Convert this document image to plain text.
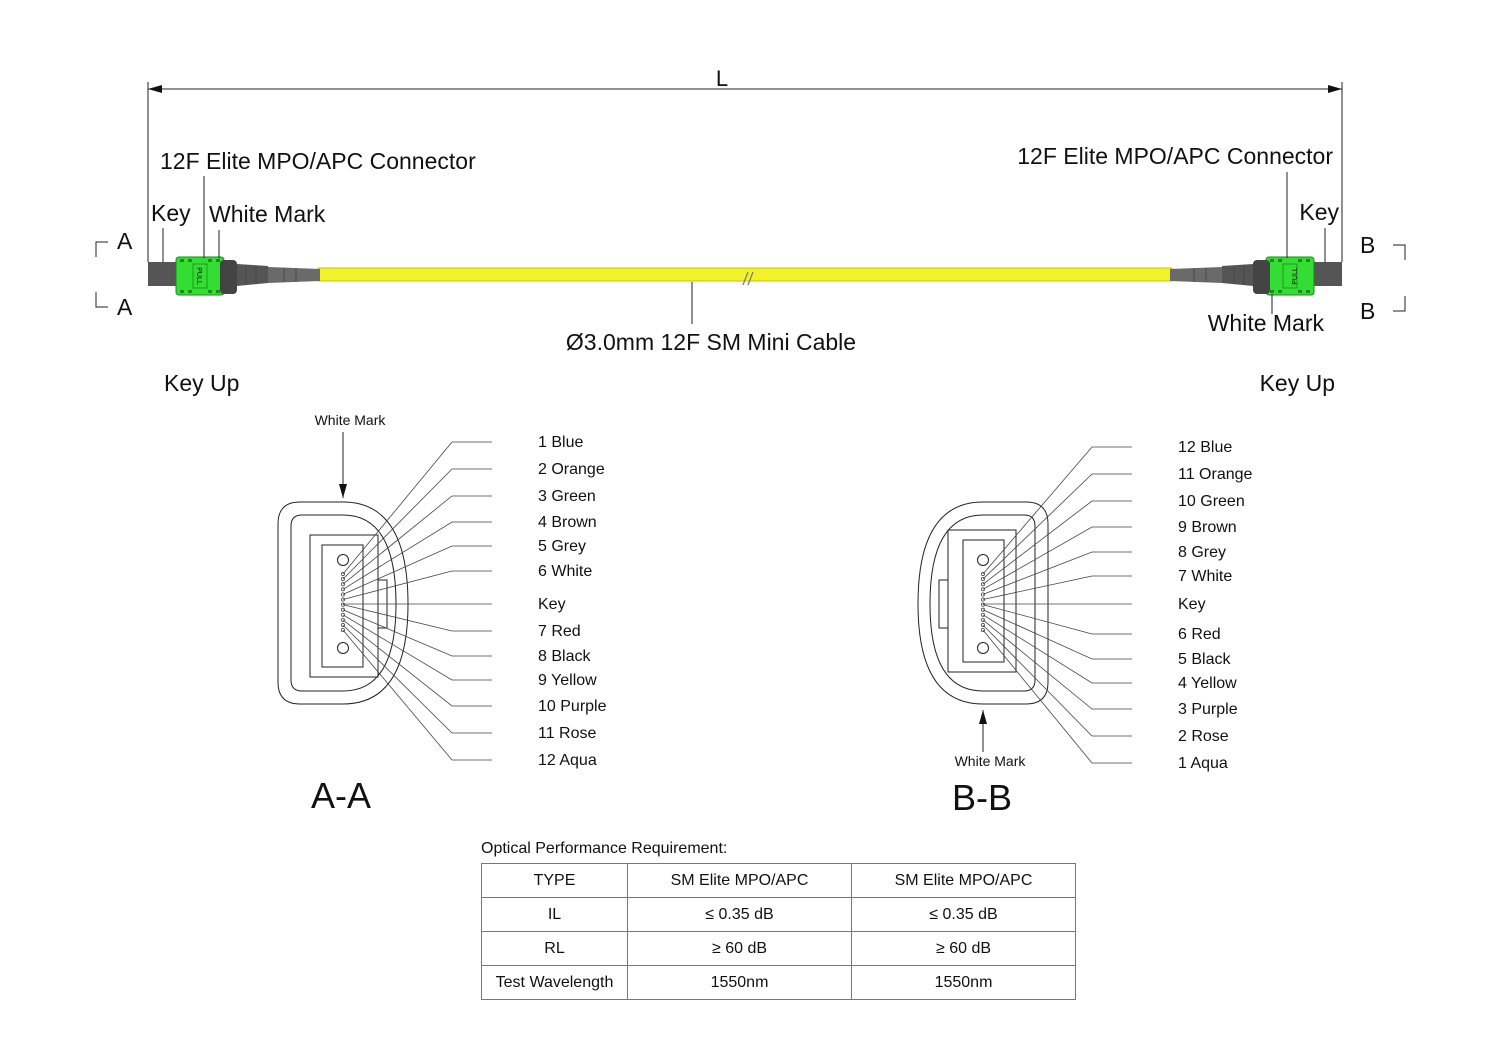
L
Ø3.0mm 12F SM Mini Cable
PULL	PULL
12F Elite MPO/APC Connector
Key White Mark
A
A
12F Elite MPO/APC Connector
Key
White Mark
B
B
Key Up	Key Up
White Mark
A-A
White Mark
B-B
1 Blue
2 Orange
3 Green
4 Brown
5 Grey
6 White
Key
7 Red
8 Black
9 Yellow
10 Purple
11 Rose
12 Aqua
12 Blue
11 Orange
10 Green
9 Brown
8 Grey
7 White
Key
6 Red
5 Black
4 Yellow
3 Purple
2 Rose
1 Aqua
Optical Performance Requirement:
TYPE	SM Elite MPO/APC	SM Elite MPO/APC
IL	≤ 0.35 dB	≤ 0.35 dB
RL	≥ 60 dB	≥ 60 dB
Test Wavelength	1550nm	1550nm
